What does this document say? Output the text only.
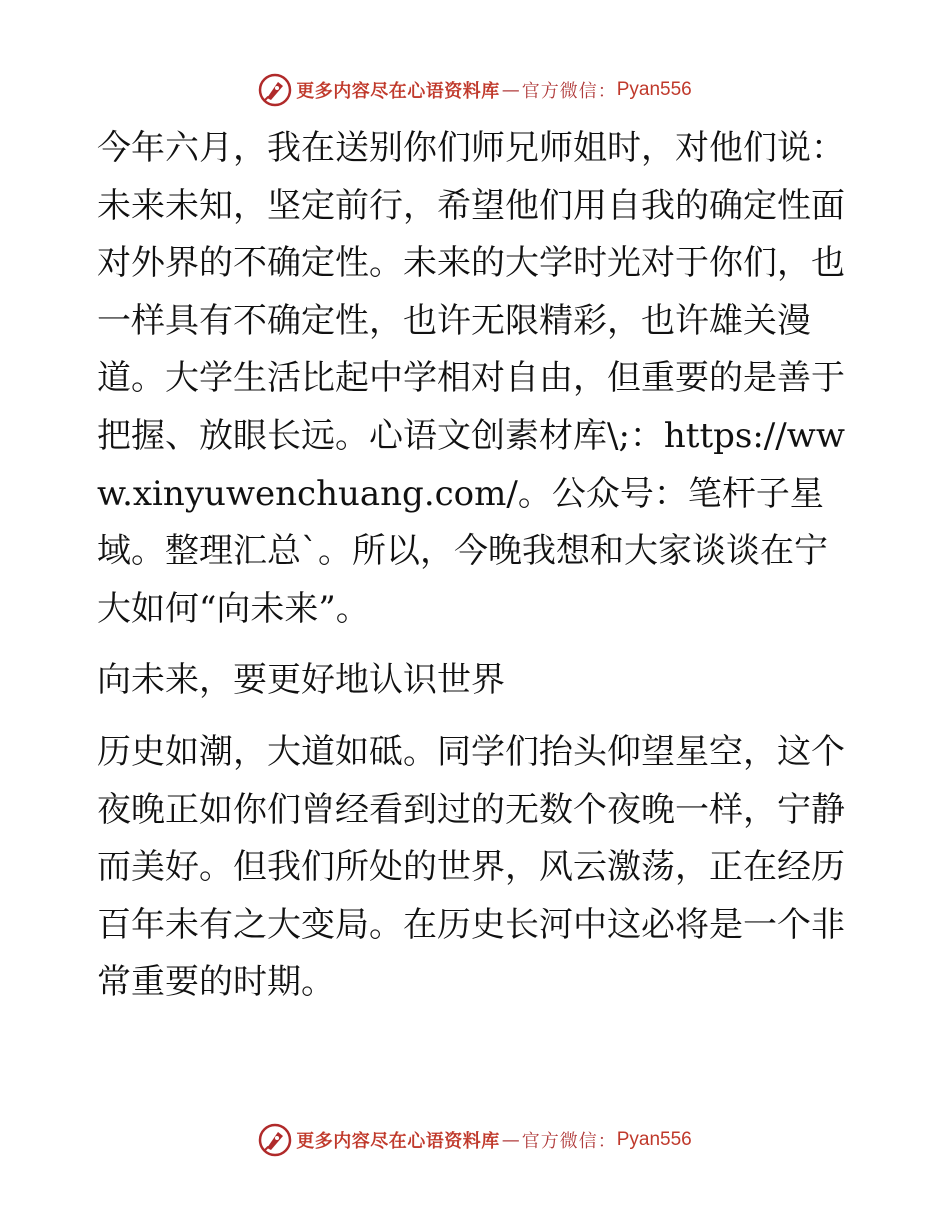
更多内容尽在心语资料库 — 官方微信： Pyan556

今年六月，我在送别你们师兄师姐时，对他们说：未来未知，坚定前行，希望他们用自我的确定性面对外界的不确定性。未来的大学时光对于你们，也一样具有不确定性，也许无限精彩，也许雄关漫道。大学生活比起中学相对自由，但重要的是善于把握、放眼长远。心语文创素材库\;：https://www.xinyuwenchuang.com/。公众号：笔杆子星域。整理汇总`。所以，今晚我想和大家谈谈在宁大如何“向未来”。

向未来，要更好地认识世界

历史如潮，大道如砥。同学们抬头仰望星空，这个夜晚正如你们曾经看到过的无数个夜晚一样，宁静而美好。但我们所处的世界，风云激荡，正在经历百年未有之大变局。在历史长河中这必将是一个非常重要的时期。

更多内容尽在心语资料库 — 官方微信： Pyan556
